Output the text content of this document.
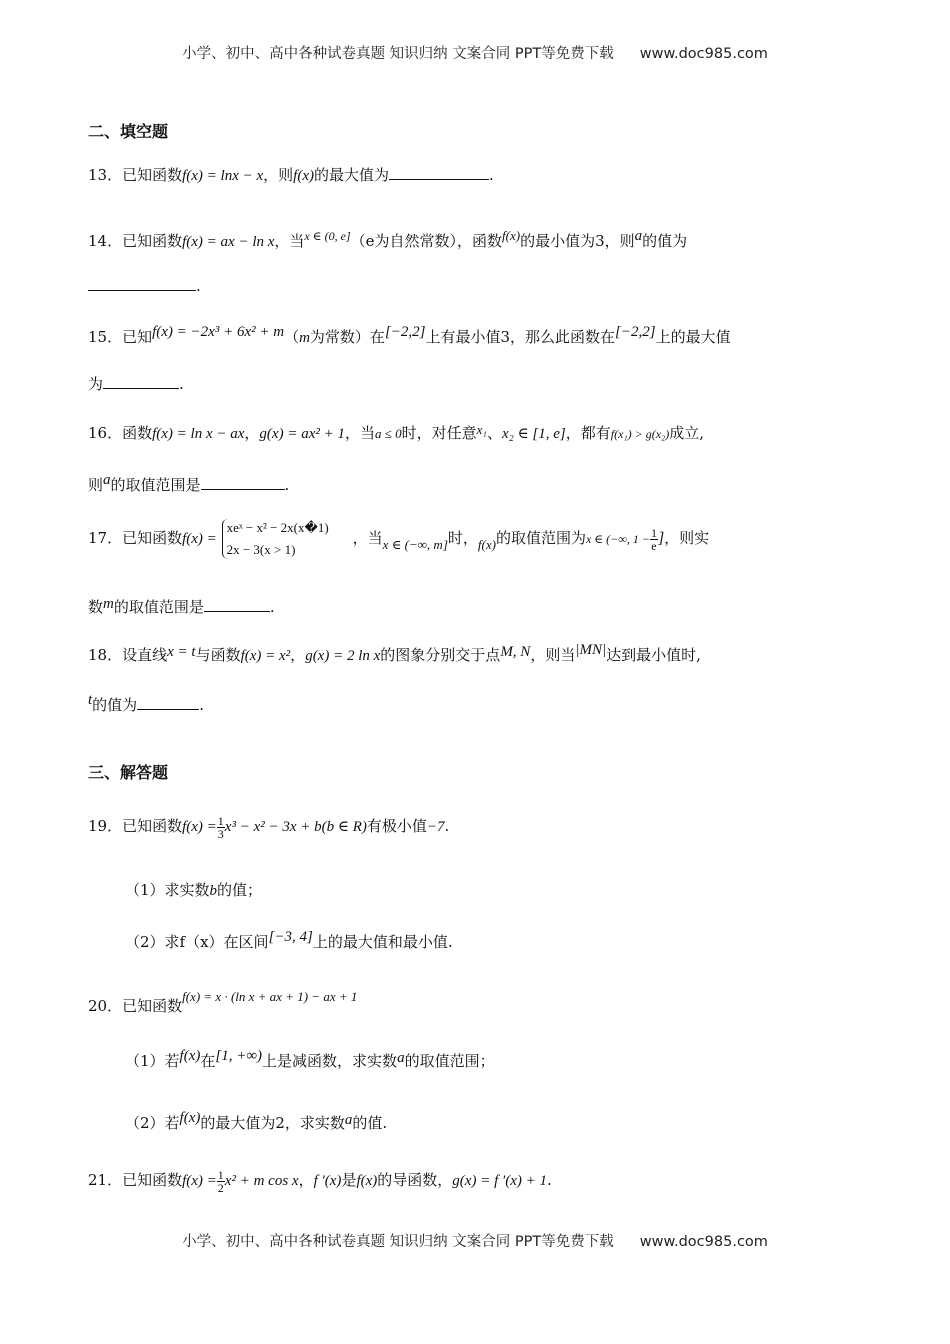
小学、初中、高中各种试卷真题 知识归纳 文案合同 PPT等免费下载 www.doc985.com
二、填空题
13．已知函数f(x) = lnx − x，则f(x)的最大值为	.
14．已知函数f(x) = ax − ln x，当$^{x \in (0, e]}$（e为自然常数），函数f(x)的最小值为3，则a的值为
.
15．已知f(x) = −2x³ + 6x² + m（m为常数）在[−2,2]上有最小值3，那么此函数在[−2,2]上的最大值
为	.
16．函数f(x) = ln x − ax，g(x) = ax² + 1，当a ≤ 0时，对任意x₁、x₂ ∈ [1, e]，都有f(x₁) > g(x₂)成立,
则a的取值范围是	.
17．已知函数f(x) =
xeˣ − x² − 2x(x�1)
2x − 3(x > 1)
，当x ∈ (−∞, m]时，f(x)的取值范围为x ∈ (−∞, $1 - \frac{1}{e}$ ]，则实
数m的取值范围是	.
18．设直线x = t与函数f(x) = x²，g(x) = 2 ln x的图象分别交于点M, N，则当|MN|达到最小值时,
t的值为	.
三、解答题
19．已知函数$f(x) = \frac{1}{3} x^3 - x^2 - 3x + b(b$ ∈ R)有极小值−7.
（1）求实数b的值；
（2）求f（x）在区间[−3, 4]上的最大值和最小值.
20．已知函数f(x) = x · (ln x + ax + 1) − ax + 1
（1）若f(x)在[1, +∞)上是减函数，求实数a的取值范围；
（2）若f(x)的最大值为2，求实数a的值.
21．已知函数$f(x) = \frac{1}{2} x^2 + m$ cos x，f ′(x)是f(x)的导函数，g(x) = f ′(x) + 1.
小学、初中、高中各种试卷真题 知识归纳 文案合同 PPT等免费下载 www.doc985.com
